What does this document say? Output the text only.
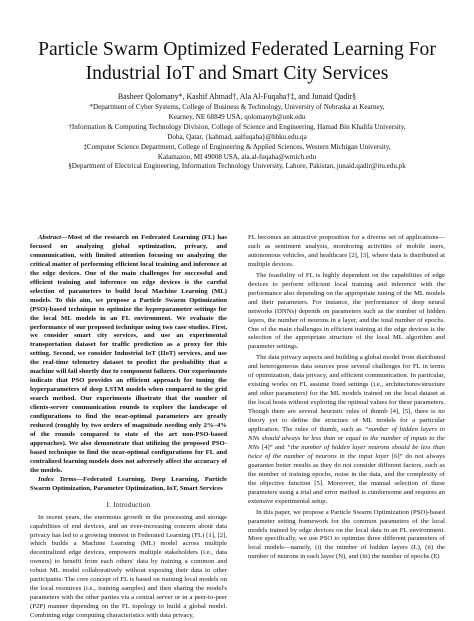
Particle Swarm Optimized Federated Learning For
Industrial IoT and Smart City Services
Basheer Qolomany*, Kashif Ahmad†, Ala Al-Fuqaha†‡, and Junaid Qadir§
*Department of Cyber Systems, College of Business & Technology, University of Nebraska at Kearney,
Kearney, NE 68849 USA, qolomanyb@unk.edu
†Information & Computing Technology Division, College of Science and Engineering, Hamad Bin Khalifa University,
Doha, Qatar, {kahmad, aalfuqaha}@hbku.edu.qa
‡Computer Science Department, College of Engineering & Applied Sciences, Western Michigan University,
Kalamazoo, MI 49008 USA, ala.al-fuqaha@wmich.edu
§Department of Electrical Engineering, Information Technology University, Lahore, Pakistan, junaid.qadir@itu.edu.pk

Abstract—Most of the research on Federated Learning (FL) has focused on analyzing global optimization, privacy, and communication, with limited attention focusing on analyzing the critical matter of performing efficient local training and inference at the edge devices. One of the main challenges for successful and efficient training and inference on edge devices is the careful selection of parameters to build local Machine Learning (ML) models. To this aim, we propose a Particle Swarm Optimization (PSO)-based technique to optimize the hyperparameter settings for the local ML models in an FL environment. We evaluate the performance of our proposed technique using two case studies. First, we consider smart city services, and use an experimental transportation dataset for traffic prediction as a proxy for this setting. Second, we consider Industrial IoT (IIoT) services, and use the real-time telemetry dataset to predict the probability that a machine will fail shortly due to component failures. Our experiments indicate that PSO provides an efficient approach for tuning the hyperparameters of deep LSTM models when compared to the grid search method. Our experiments illustrate that the number of clients-server communication rounds to explore the landscape of configurations to find the near-optimal parameters are greatly reduced (roughly by two orders of magnitude needing only 2%–4% of the rounds compared to state of the art non-PSO-based approaches). We also demonstrate that utilizing the proposed PSO-based technique to find the near-optimal configurations for FL and centralized learning models does not adversely affect the accuracy of the models.

Index Terms—Federated Learning, Deep Learning, Particle Swarm Optimization, Parameter Optimization, IoT, Smart Services

I. Introduction

In recent years, the enormous growth in the processing and storage capabilities of end devices, and an ever-increasing concern about data privacy has led to a growing interest in Federated Learning (FL) [1], [2], which builds a Machine Learning (ML) model across multiple decentralized edge devices, empowers multiple stakeholders (i.e., data owners) to benefit from each others' data by training a common and robust ML model collaboratively without exposing their data to other participants. The core concept of FL is based on training local models on the local resources (i.e., training samples) and then sharing the model's parameters with the other parties via a central server or in a peer-to-peer (P2P) manner depending on the FL topology to build a global model. Combining edge computing characteristics with data privacy,

FL becomes an attractive proposition for a diverse set of applications—such as sentiment analysis, monitoring activities of mobile users, autonomous vehicles, and healthcare [2], [3], where data is distributed at multiple devices.

The feasibility of FL is highly dependent on the capabilities of edge devices to perform efficient local training and inference with the performance also depending on the appropriate tuning of the ML models and their parameters. For instance, the performance of deep neural networks (DNNs) depends on parameters such as the number of hidden layers, the number of neurons in a layer, and the total number of epochs. One of the main challenges in efficient training at the edge devices is the selection of the appropriate structure of the local ML algorithm and parameter settings.

The data privacy aspects and building a global model from distributed and heterogeneous data sources pose several challenges for FL in terms of optimization, data privacy, and efficient communication. In particular, existing works on FL assume fixed settings (i.e., architectures/structure and other parameters) for the ML models trained on the local dataset at the local hosts without exploring the optimal values for these parameters. Though there are several heuristic rules of thumb [4], [5], there is no theory yet to define the structure of ML models for a particular application. The rules of thumb, such as “number of hidden layers in NNs should always be less than or equal to the number of inputs to the NNs [4]” and “the number of hidden layer neurons should be less than twice of the number of neurons in the input layer [6]” do not always guarantee better results as they do not consider different factors, such as the number of training epochs, noise in the data, and the complexity of the objective function [5]. Moreover, the manual selection of these parameters using a trial and error method is cumbersome and requires an extensive experimental setup.

In this paper, we propose a Particle Swarm Optimization (PSO)-based parameter setting framework for the common parameters of the local models trained by edge devices on the local data in an FL environment. More specifically, we use PSO to optimize three different parameters of local models—namely, (i) the number of hidden layers (L), (ii) the number of neurons in each layer (N), and (iii) the number of epochs (E)
